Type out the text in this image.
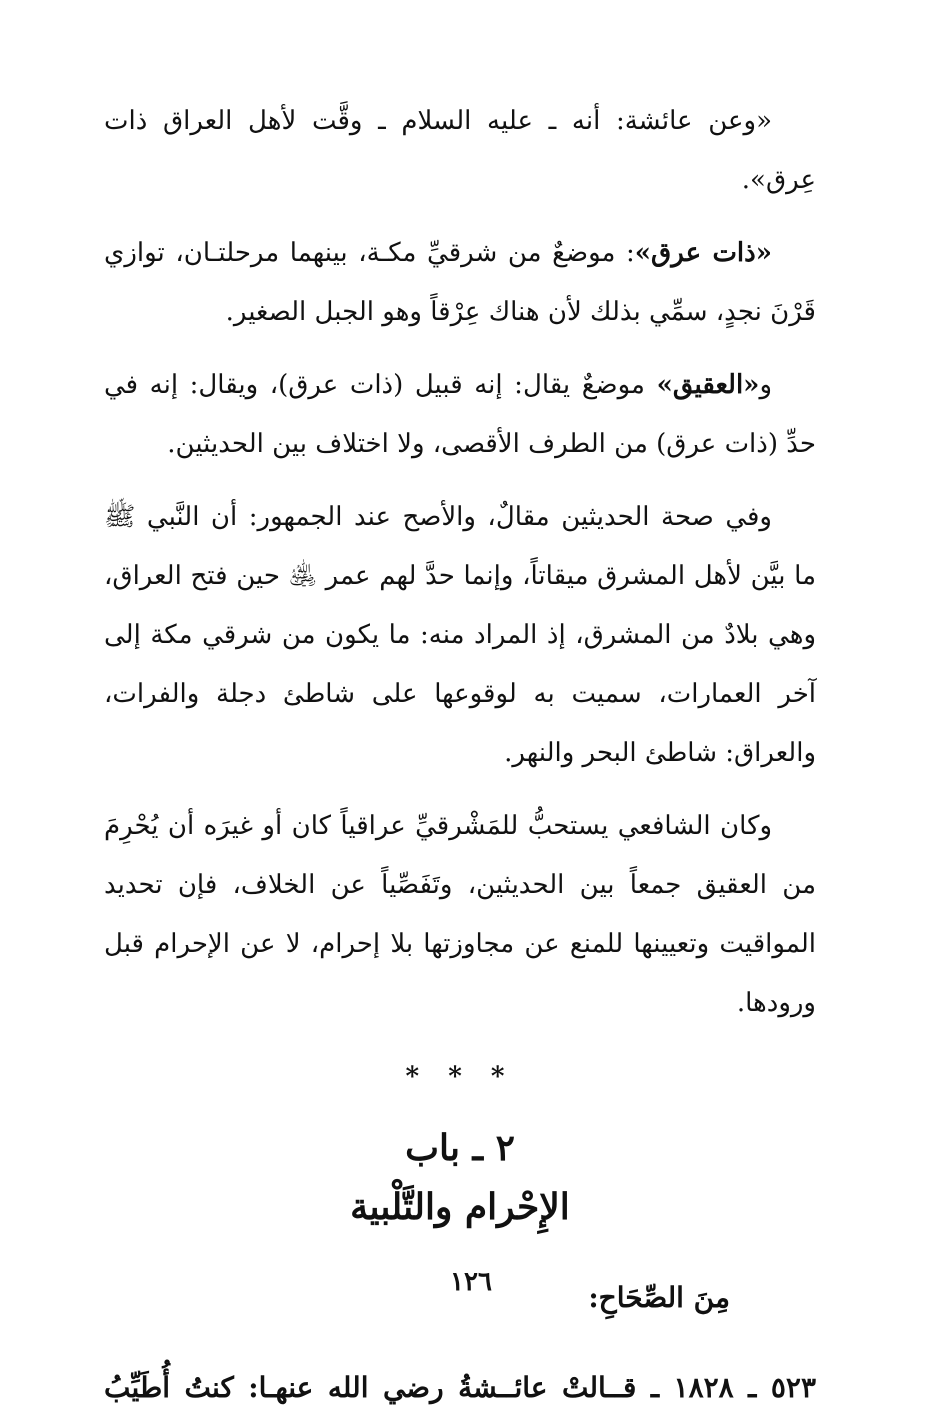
«وعن عائشة: أنه ـ عليه السلام ـ وقَّت لأهل العراق ذات عِرق».

«ذات عرق»: موضعٌ من شرقيِّ مكـة، بينهما مرحلتـان، توازي قَرْنَ نجدٍ، سمِّي بذلك لأن هناك عِرْقاً وهو الجبل الصغير.

و«العقيق» موضعٌ يقال: إنه قبيل (ذات عرق)، ويقال: إنه في حدِّ (ذات عرق) من الطرف الأقصى، ولا اختلاف بين الحديثين.

وفي صحة الحديثين مقالٌ، والأصح عند الجمهور: أن النَّبي ﷺ ما بيَّن لأهل المشرق ميقاتاً، وإنما حدَّ لهم عمر ﵁ حين فتح العراق، وهي بلادٌ من المشرق، إذ المراد منه: ما يكون من شرقي مكة إلى آخر العمارات، سميت به لوقوعها على شاطئ دجلة والفرات، والعراق: شاطئ البحر والنهر.

وكان الشافعي يستحبُّ للمَشْرقيِّ عراقياً كان أو غيرَه أن يُحْرِمَ من العقيق جمعاً بين الحديثين، وتَفَصِّياً عن الخلاف، فإن تحديد المواقيت وتعيينها للمنع عن مجاوزتها بلا إحرام، لا عن الإحرام قبل ورودها.

* * *
٢ ـ باب
الإِحْرام والتَّلْبية
مِنَ الصِّحَاحِ:

٥٢٣ ـ ١٨٢٨ ـ قــالتْ عائــشةُ رضي الله عنهـا: كنتُ أُطَيِّبُ

١٢٦
